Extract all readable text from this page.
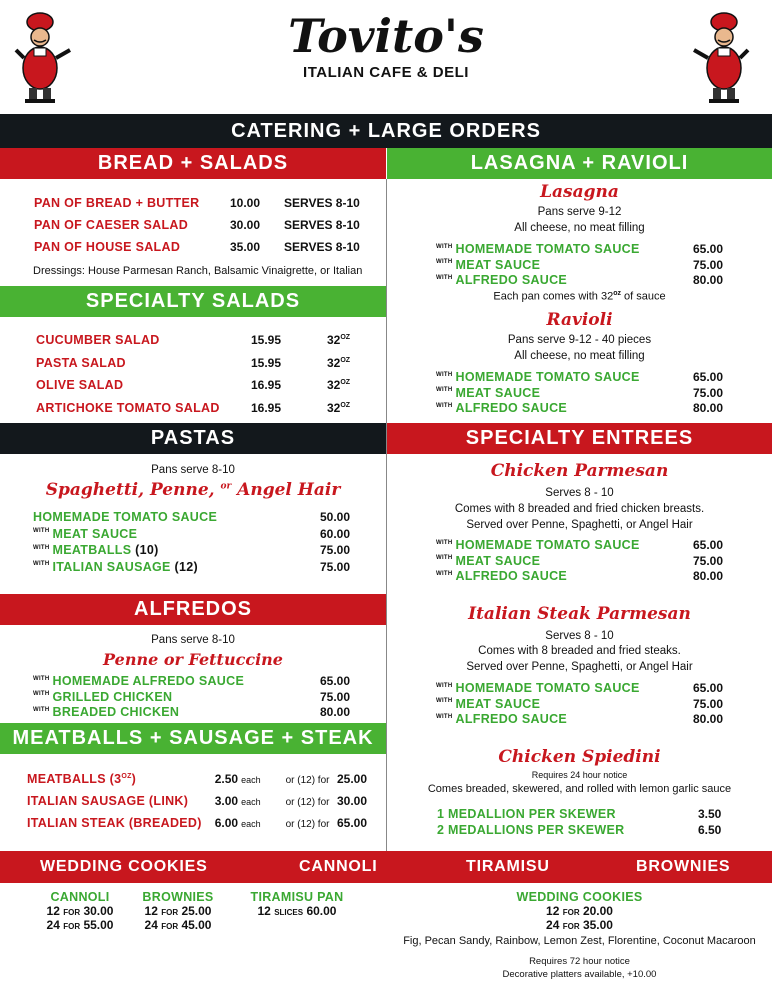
Tovito's
ITALIAN CAFE & DELI
CATERING + LARGE ORDERS
BREAD + SALADS
PAN OF BREAD + BUTTER	10.00	SERVES 8-10
PAN OF CAESER SALAD	30.00	SERVES 8-10
PAN OF HOUSE SALAD	35.00	SERVES 8-10
Dressings: House Parmesan Ranch, Balsamic Vinaigrette, or Italian
SPECIALTY SALADS
CUCUMBER SALAD	15.95	$32^{OZ}$
PASTA SALAD	15.95	$32^{OZ}$
OLIVE SALAD	16.95	$32^{OZ}$
ARTICHOKE TOMATO SALAD	16.95	$32^{OZ}$
PASTAS
Pans serve 8-10
Spaghetti, Penne, $^{or}$ Angel Hair
HOMEMADE TOMATO SAUCE	50.00
$^{WITH}$ MEAT SAUCE	60.00
$^{WITH}$ MEATBALLS (10)	75.00
$^{WITH}$ ITALIAN SAUSAGE (12)	75.00
ALFREDOS
Pans serve 8-10
Penne or Fettuccine
$^{WITH}$ HOMEMADE ALFREDO SAUCE	65.00
$^{WITH}$ GRILLED CHICKEN	75.00
$^{WITH}$ BREADED CHICKEN	80.00
MEATBALLS + SAUSAGE + STEAK
MEATBALLS $(3^{OZ})$	2.50 each	or (12) for 25.00
ITALIAN SAUSAGE (LINK)	3.00 each	or (12) for 30.00
ITALIAN STEAK (BREADED)	6.00 each	or (12) for 65.00
LASAGNA + RAVIOLI
Lasagna
Pans serve 9-12
All cheese, no meat filling
$^{WITH}$ HOMEMADE TOMATO SAUCE	65.00
$^{WITH}$ MEAT SAUCE	75.00
$^{WITH}$ ALFREDO SAUCE	80.00
Each pan comes with $32^{oz}$ of sauce
Ravioli
Pans serve 9-12 - 40 pieces
All cheese, no meat filling
$^{WITH}$ HOMEMADE TOMATO SAUCE	65.00
$^{WITH}$ MEAT SAUCE	75.00
$^{WITH}$ ALFREDO SAUCE	80.00
SPECIALTY ENTREES
Chicken Parmesan
Serves 8 - 10
Comes with 8 breaded and fried chicken breasts.
Served over Penne, Spaghetti, or Angel Hair
$^{WITH}$ HOMEMADE TOMATO SAUCE	65.00
$^{WITH}$ MEAT SAUCE	75.00
$^{WITH}$ ALFREDO SAUCE	80.00
Italian Steak Parmesan
Serves 8 - 10
Comes with 8 breaded and fried steaks.
Served over Penne, Spaghetti, or Angel Hair
$^{WITH}$ HOMEMADE TOMATO SAUCE	65.00
$^{WITH}$ MEAT SAUCE	75.00
$^{WITH}$ ALFREDO SAUCE	80.00
Chicken Spiedini
Requires 24 hour notice
Comes breaded, skewered, and rolled with lemon garlic sauce
1 MEDALLION PER SKEWER	3.50
2 MEDALLIONS PER SKEWER	6.50
WEDDING COOKIES	CANNOLI	TIRAMISU	BROWNIES
CANNOLI
12 FOR 30.00
24 FOR 55.00
BROWNIES
12 FOR 25.00
24 FOR 45.00
TIRAMISU PAN
12 SLICES 60.00
WEDDING COOKIES
12 FOR 20.00
24 FOR 35.00
Fig, Pecan Sandy, Rainbow, Lemon Zest, Florentine, Coconut Macaroon
Requires 72 hour notice
Decorative platters available, +10.00
